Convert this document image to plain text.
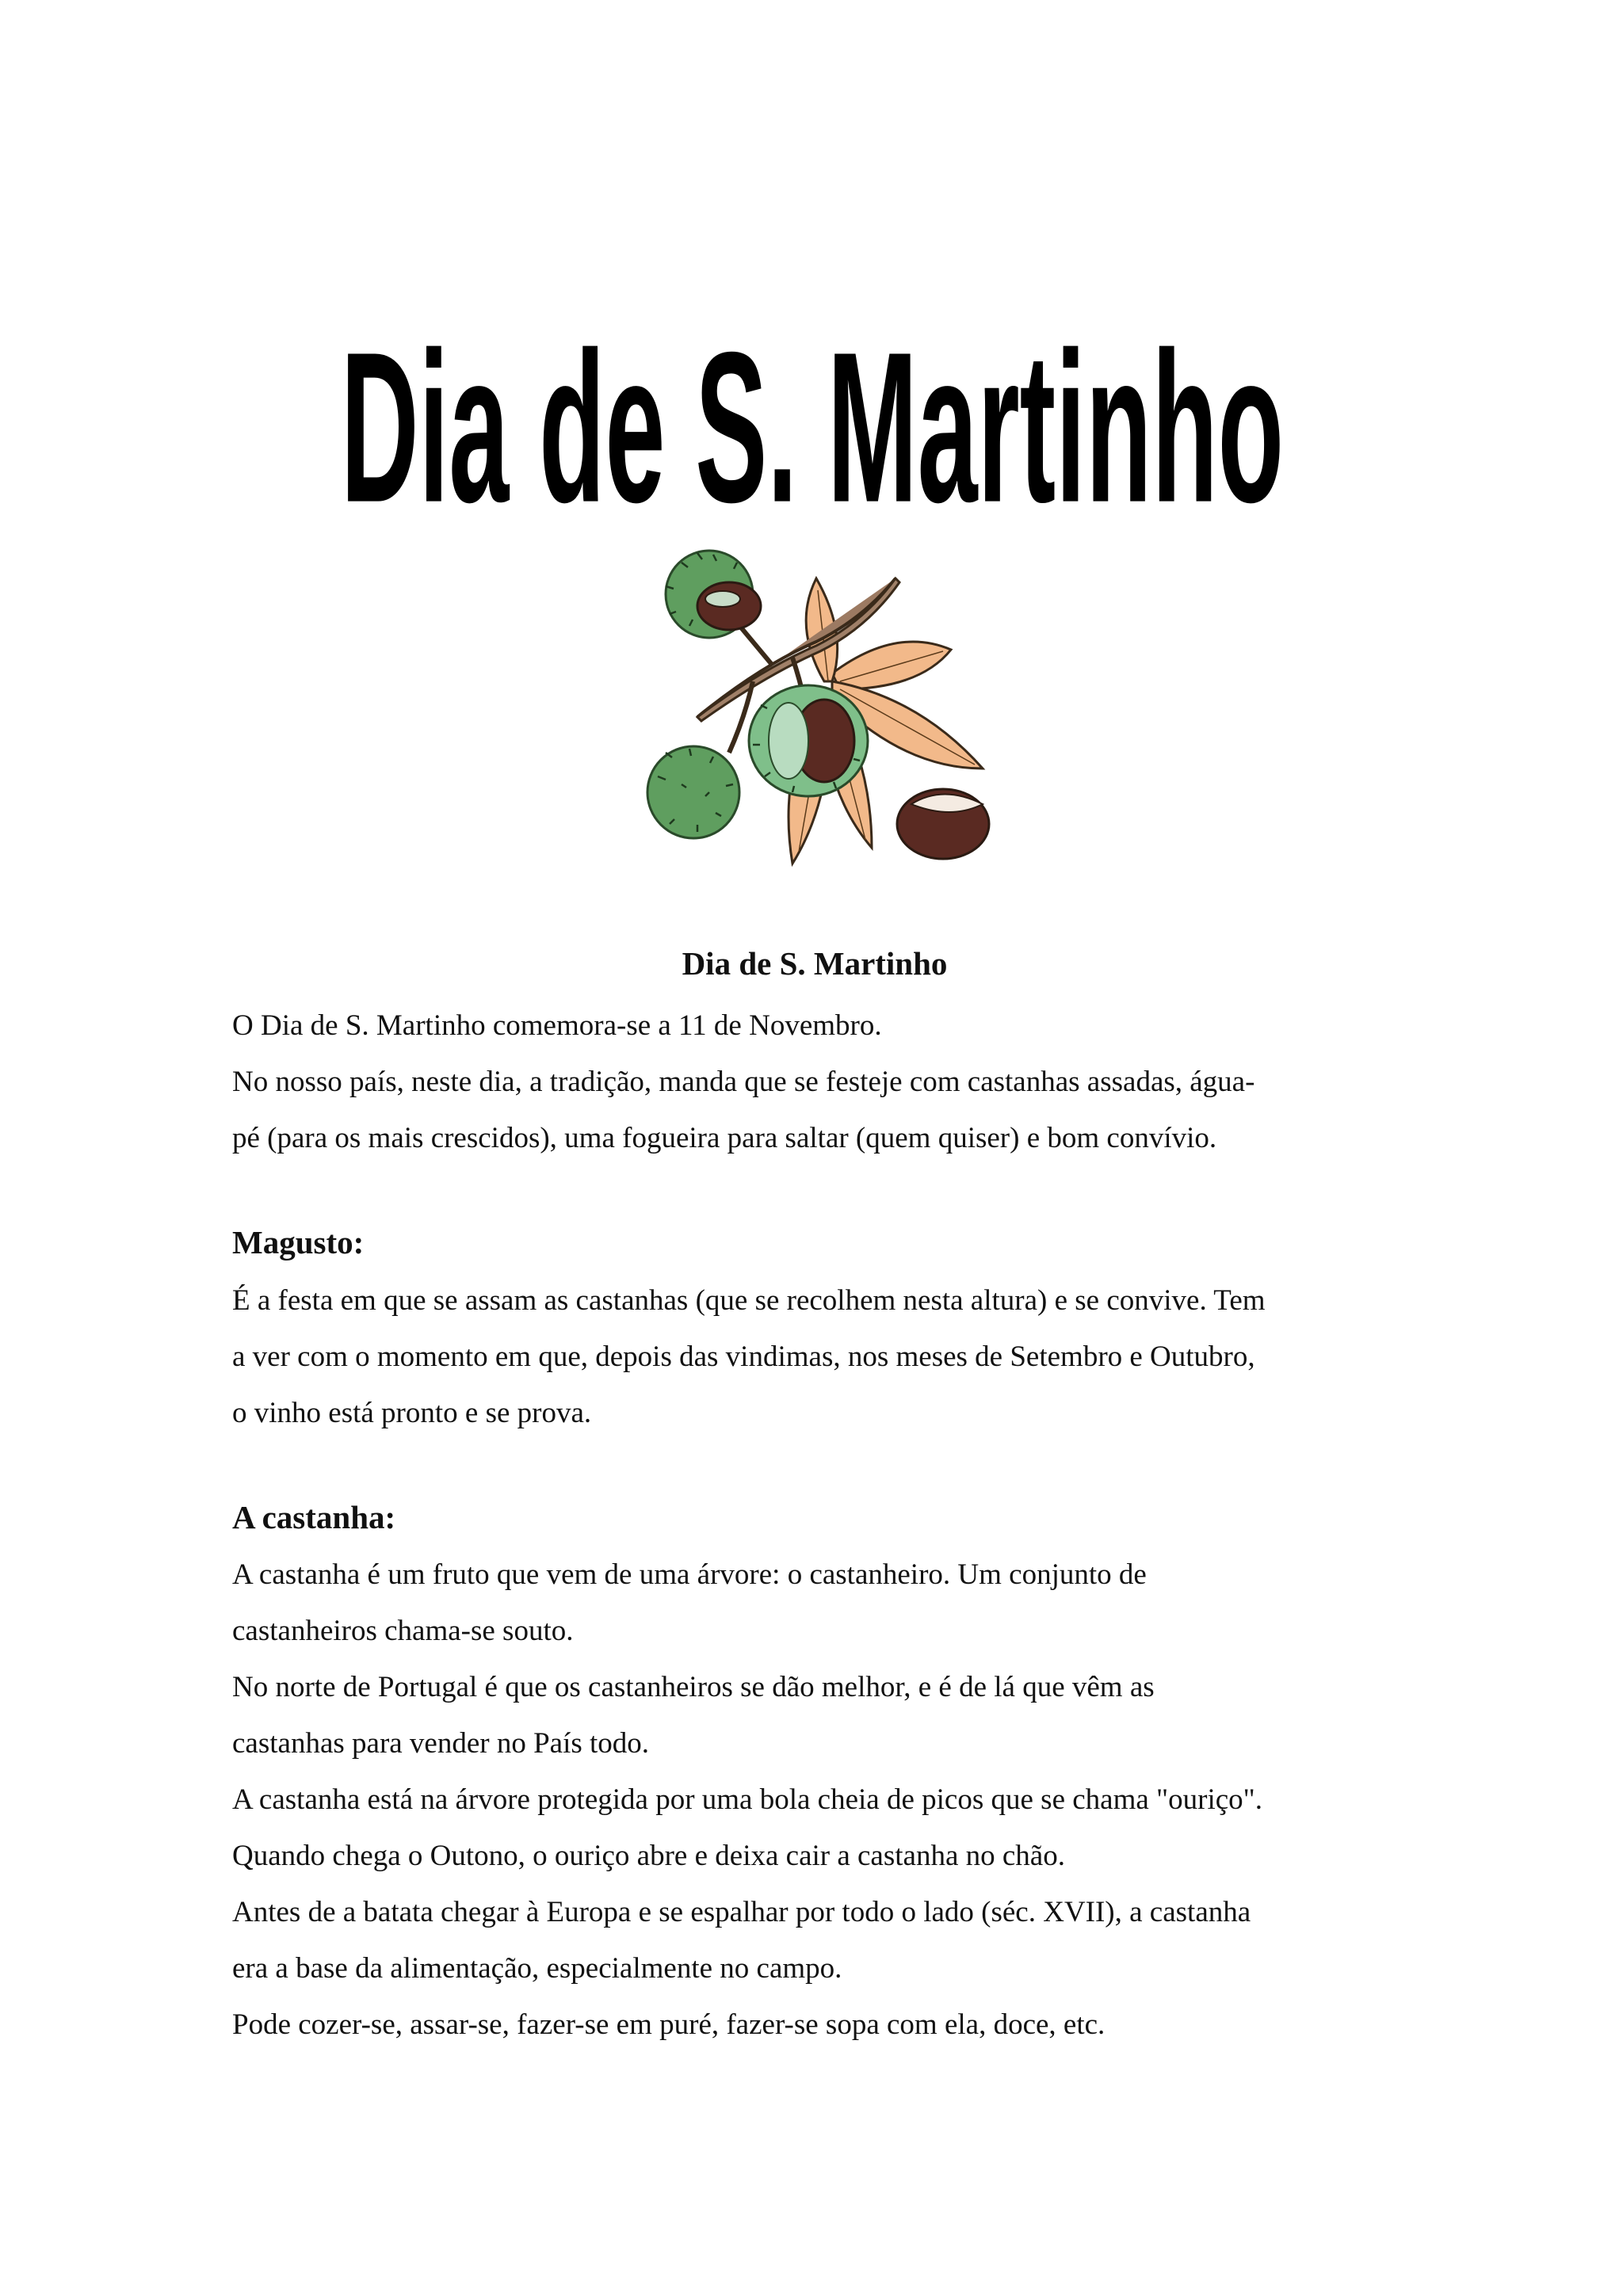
Dia de S. Martinho
Dia de S. Martinho

O Dia de S. Martinho comemora-se a 11 de Novembro.

No nosso país, neste dia, a tradição, manda que se festeje com castanhas assadas, água-

pé (para os mais crescidos), uma fogueira para saltar (quem quiser) e bom convívio.

Magusto:

É a festa em que se assam as castanhas (que se recolhem nesta altura) e se convive. Tem

a ver com o momento em que, depois das vindimas, nos meses de Setembro e Outubro,

o vinho está pronto e se prova.

A castanha:

A castanha é um fruto que vem de uma árvore: o castanheiro. Um conjunto de

castanheiros chama-se souto.

No norte de Portugal é que os castanheiros se dão melhor, e é de lá que vêm as

castanhas para vender no País todo.

A castanha está na árvore protegida por uma bola cheia de picos que se chama "ouriço".

Quando chega o Outono, o ouriço abre e deixa cair a castanha no chão.

Antes de a batata chegar à Europa e se espalhar por todo o lado (séc. XVII), a castanha

era a base da alimentação, especialmente no campo.

Pode cozer-se, assar-se, fazer-se em puré, fazer-se sopa com ela, doce, etc.
